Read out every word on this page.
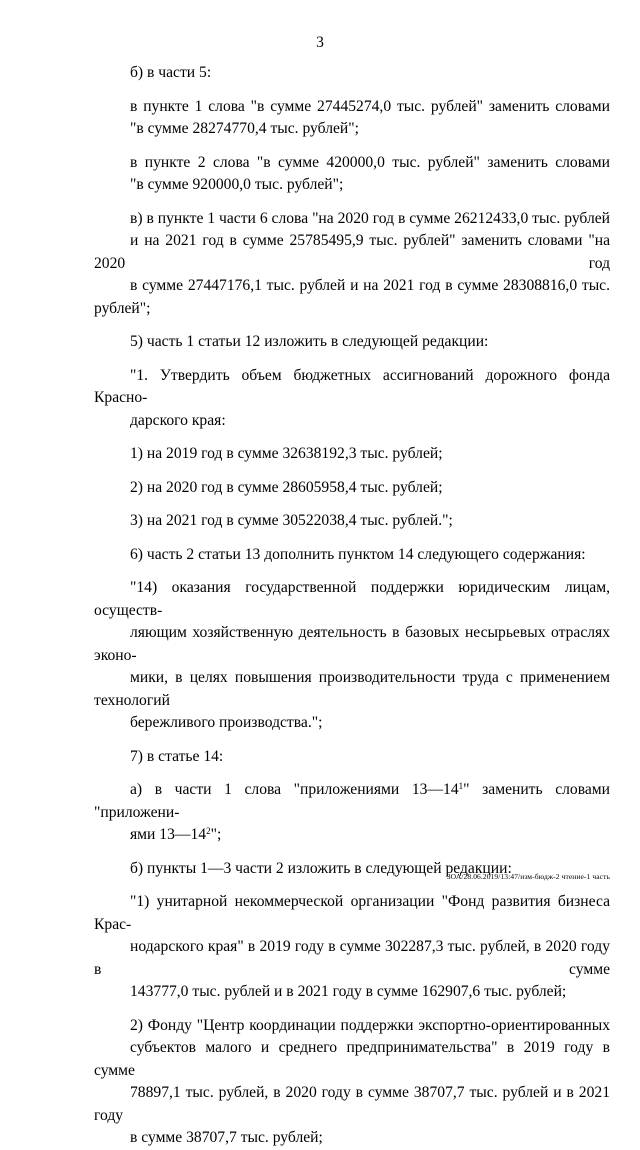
3

б) в части 5:

в пункте 1 слова "в сумме 27445274,0 тыс. рублей" заменить словами
"в сумме 28274770,4 тыс. рублей";

в пункте 2 слова "в сумме 420000,0 тыс. рублей" заменить словами
"в сумме 920000,0 тыс. рублей";

в) в пункте 1 части 6 слова "на 2020 год в сумме 26212433,0 тыс. рублей
и на 2021 год в сумме 25785495,9 тыс. рублей" заменить словами "на 2020 год
в сумме 27447176,1 тыс. рублей и на 2021 год в сумме 28308816,0 тыс. рублей";

5) часть 1 статьи 12 изложить в следующей редакции:

"1. Утвердить объем бюджетных ассигнований дорожного фонда Красно-
дарского края:

1) на 2019 год в сумме 32638192,3 тыс. рублей;

2) на 2020 год в сумме 28605958,4 тыс. рублей;

3) на 2021 год в сумме 30522038,4 тыс. рублей.";

6) часть 2 статьи 13 дополнить пунктом 14 следующего содержания:

"14) оказания государственной поддержки юридическим лицам, осуществ-
ляющим хозяйственную деятельность в базовых несырьевых отраслях эконо-
мики, в целях повышения производительности труда с применением технологий
бережливого производства.";

7) в статье 14:

а) в части 1 слова "приложениями $13—14^1$" заменить словами "приложени-
ями $13—14^2$";

б) пункты 1—3 части 2 изложить в следующей редакции:

"1) унитарной некоммерческой организации "Фонд развития бизнеса Крас-
нодарского края" в 2019 году в сумме 302287,3 тыс. рублей, в 2020 году в сумме
143777,0 тыс. рублей и в 2021 году в сумме 162907,6 тыс. рублей;

2) Фонду "Центр координации поддержки экспортно-ориентированных
субъектов малого и среднего предпринимательства" в 2019 году в сумме
78897,1 тыс. рублей, в 2020 году в сумме 38707,7 тыс. рублей и в 2021 году
в сумме 38707,7 тыс. рублей;

ЗОА/28.06.2019/13:47/изм-бюдж-2 чтение-1 часть
